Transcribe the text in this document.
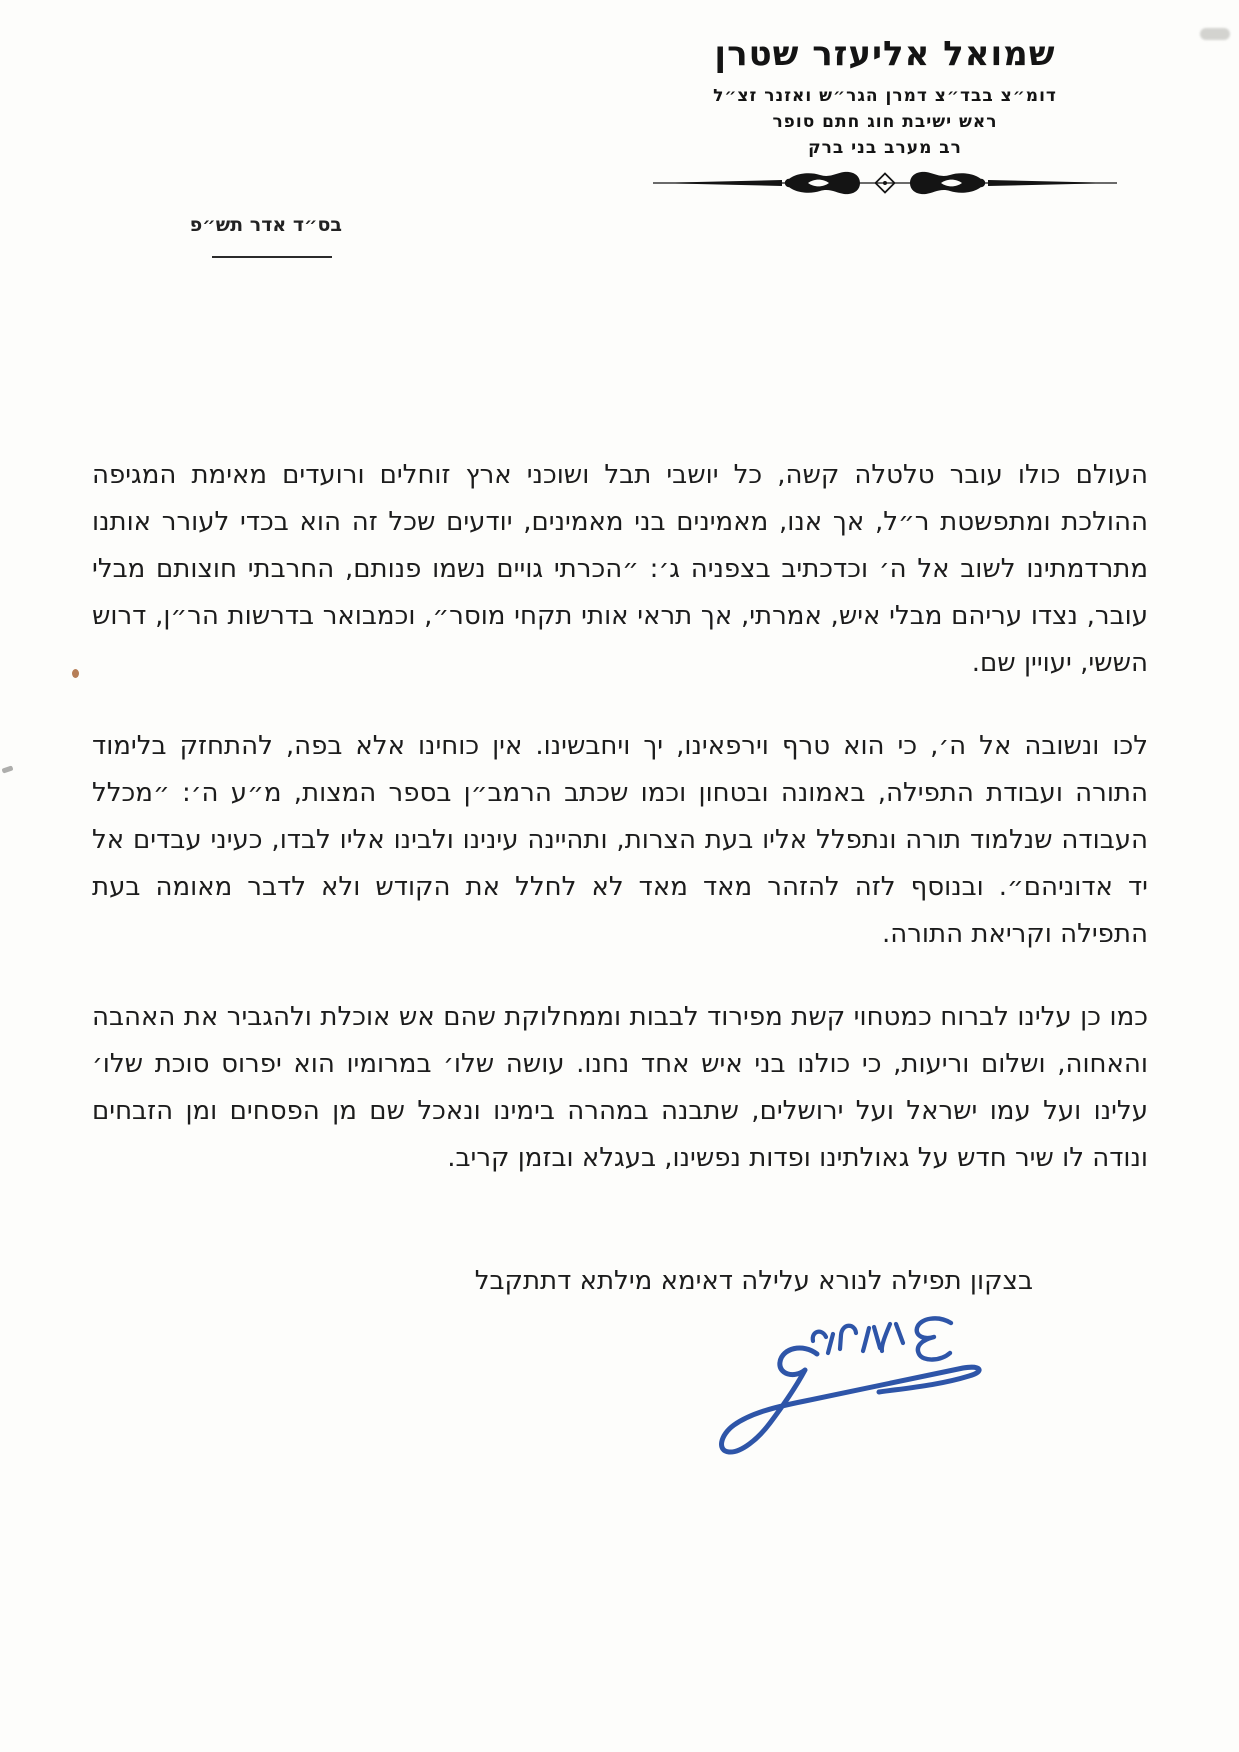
שמואל אליעזר שטרן
דומ״צ בבד״צ דמרן הגר״ש ואזנר זצ״ל
ראש ישיבת חוג חתם סופר
רב מערב בני ברק
בס״ד אדר תש״פ

העולם כולו עובר טלטלה קשה, כל יושבי תבל ושוכני ארץ זוחלים ורועדים מאימת המגיפה ההולכת ומתפשטת ר״ל, אך אנו, מאמינים בני מאמינים, יודעים שכל זה הוא בכדי לעורר אותנו מתרדמתינו לשוב אל ה׳ וכדכתיב בצפניה ג׳: ״הכרתי גויים נשמו פנותם, החרבתי חוצותם מבלי עובר, נצדו עריהם מבלי איש, אמרתי, אך תראי אותי תקחי מוסר״, וכמבואר בדרשות הר״ן, דרוש הששי, יעויין שם.

לכו ונשובה אל ה׳, כי הוא טרף וירפאינו, יך ויחבשינו. אין כוחינו אלא בפה, להתחזק בלימוד התורה ועבודת התפילה, באמונה ובטחון וכמו שכתב הרמב״ן בספר המצות, מ״ע ה׳: ״מכלל העבודה שנלמוד תורה ונתפלל אליו בעת הצרות, ותהיינה עינינו ולבינו אליו לבדו, כעיני עבדים אל יד אדוניהם״. ובנוסף לזה להזהר מאד מאד לא לחלל את הקודש ולא לדבר מאומה בעת התפילה וקריאת התורה.

כמו כן עלינו לברוח כמטחוי קשת מפירוד לבבות וממחלוקת שהם אש אוכלת ולהגביר את האהבה והאחוה, ושלום וריעות, כי כולנו בני איש אחד נחנו. עושה שלו׳ במרומיו הוא יפרוס סוכת שלו׳ עלינו ועל עמו ישראל ועל ירושלים, שתבנה במהרה בימינו ונאכל שם מן הפסחים ומן הזבחים ונודה לו שיר חדש על גאולתינו ופדות נפשינו, בעגלא ובזמן קריב.

בצקון תפילה לנורא עלילה דאימא מילתא דתתקבל
